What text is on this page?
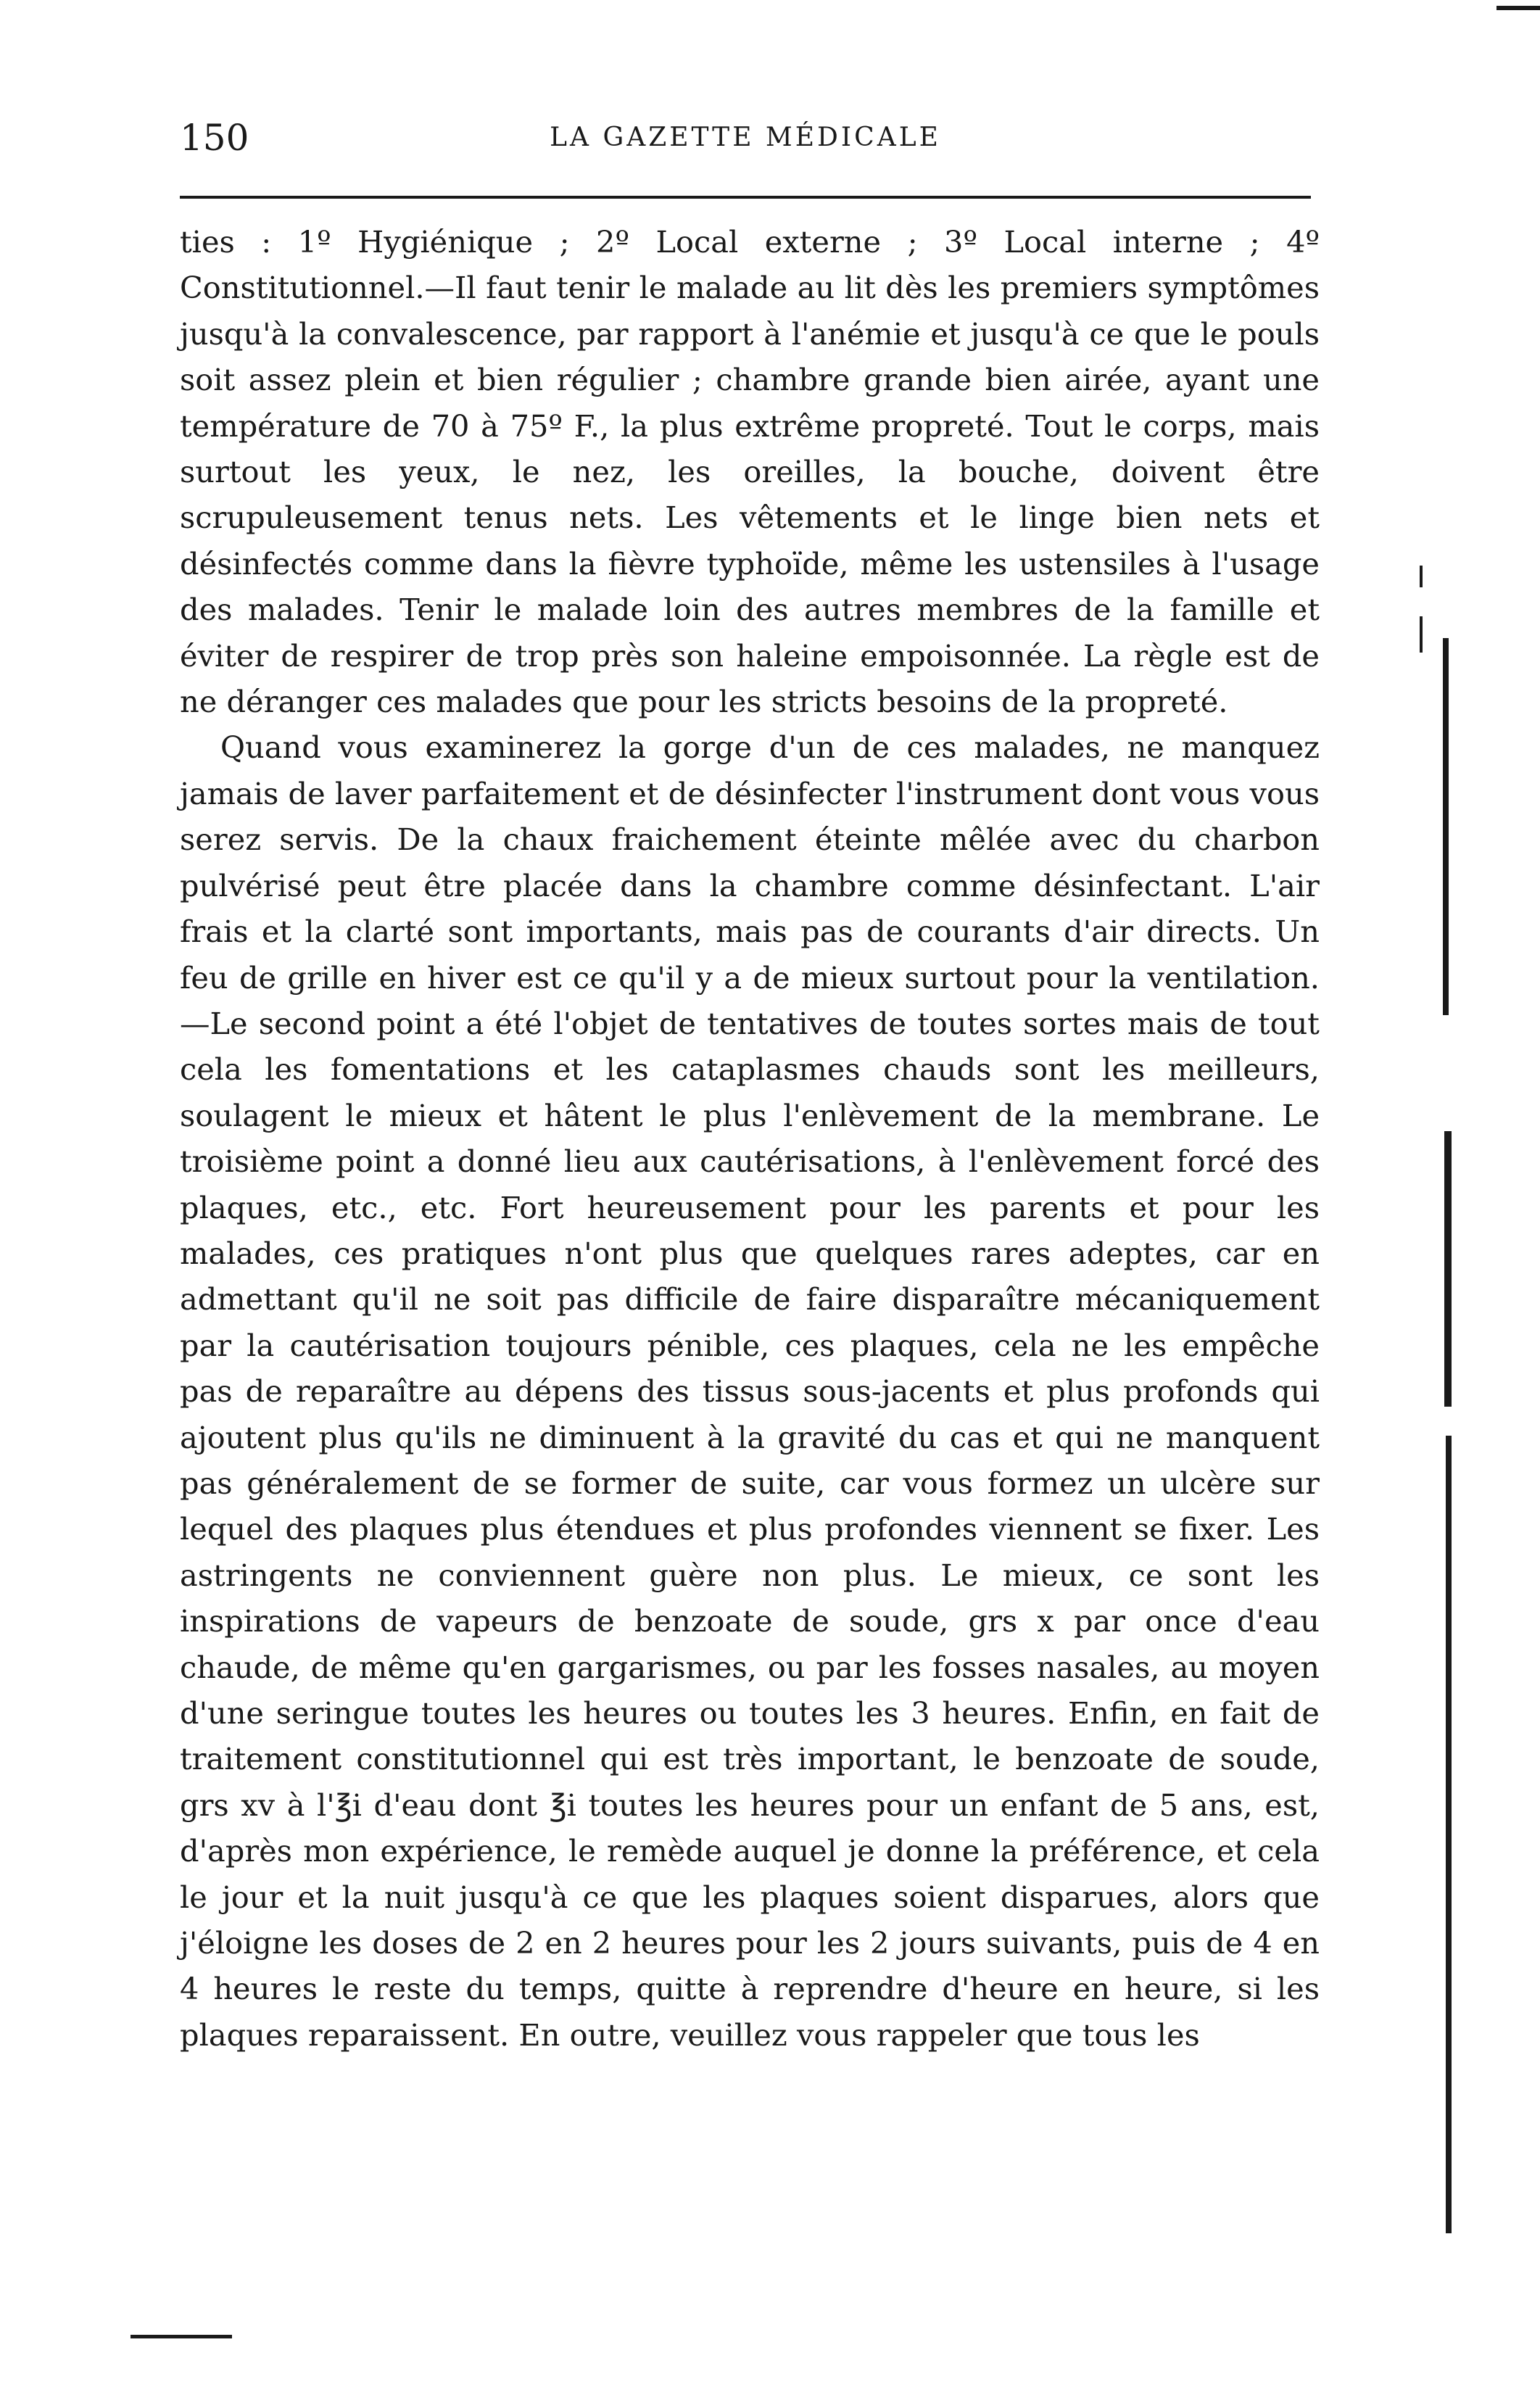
150	LA GAZETTE MÉDICALE

ties : 1º Hygiénique ; 2º Local externe ; 3º Local interne ; 4º Constitutionnel.—Il faut tenir le malade au lit dès les premiers symptômes jusqu'à la convalescence, par rapport à l'anémie et jusqu'à ce que le pouls soit assez plein et bien régulier ; chambre grande bien airée, ayant une température de 70 à 75º F., la plus extrême propreté. Tout le corps, mais surtout les yeux, le nez, les oreilles, la bouche, doivent être scrupuleusement tenus nets. Les vêtements et le linge bien nets et désinfectés comme dans la fièvre typhoïde, même les ustensiles à l'usage des malades. Tenir le malade loin des autres membres de la famille et éviter de respirer de trop près son haleine empoisonnée. La règle est de ne déranger ces malades que pour les stricts besoins de la propreté.

Quand vous examinerez la gorge d'un de ces malades, ne manquez jamais de laver parfaitement et de désinfecter l'instrument dont vous vous serez servis. De la chaux fraichement éteinte mêlée avec du charbon pulvérisé peut être placée dans la chambre comme désinfectant. L'air frais et la clarté sont importants, mais pas de courants d'air directs. Un feu de grille en hiver est ce qu'il y a de mieux surtout pour la ventilation.—Le second point a été l'objet de tentatives de toutes sortes mais de tout cela les fomentations et les cataplasmes chauds sont les meilleurs, soulagent le mieux et hâtent le plus l'enlèvement de la membrane. Le troisième point a donné lieu aux cautérisations, à l'enlèvement forcé des plaques, etc., etc. Fort heureusement pour les parents et pour les malades, ces pratiques n'ont plus que quelques rares adeptes, car en admettant qu'il ne soit pas difficile de faire disparaître mécaniquement par la cautérisation toujours pénible, ces plaques, cela ne les empêche pas de reparaître au dépens des tissus sous-jacents et plus profonds qui ajoutent plus qu'ils ne diminuent à la gravité du cas et qui ne manquent pas généralement de se former de suite, car vous formez un ulcère sur lequel des plaques plus étendues et plus profondes viennent se fixer. Les astringents ne conviennent guère non plus. Le mieux, ce sont les inspirations de vapeurs de benzoate de soude, grs x par once d'eau chaude, de même qu'en gargarismes, ou par les fosses nasales, au moyen d'une seringue toutes les heures ou toutes les 3 heures. Enfin, en fait de traitement constitutionnel qui est très important, le benzoate de soude, grs xv à l'℥i d'eau dont ℥i toutes les heures pour un enfant de 5 ans, est, d'après mon expérience, le remède auquel je donne la préférence, et cela le jour et la nuit jusqu'à ce que les plaques soient disparues, alors que j'éloigne les doses de 2 en 2 heures pour les 2 jours suivants, puis de 4 en 4 heures le reste du temps, quitte à reprendre d'heure en heure, si les plaques reparaissent. En outre, veuillez vous rappeler que tous les
